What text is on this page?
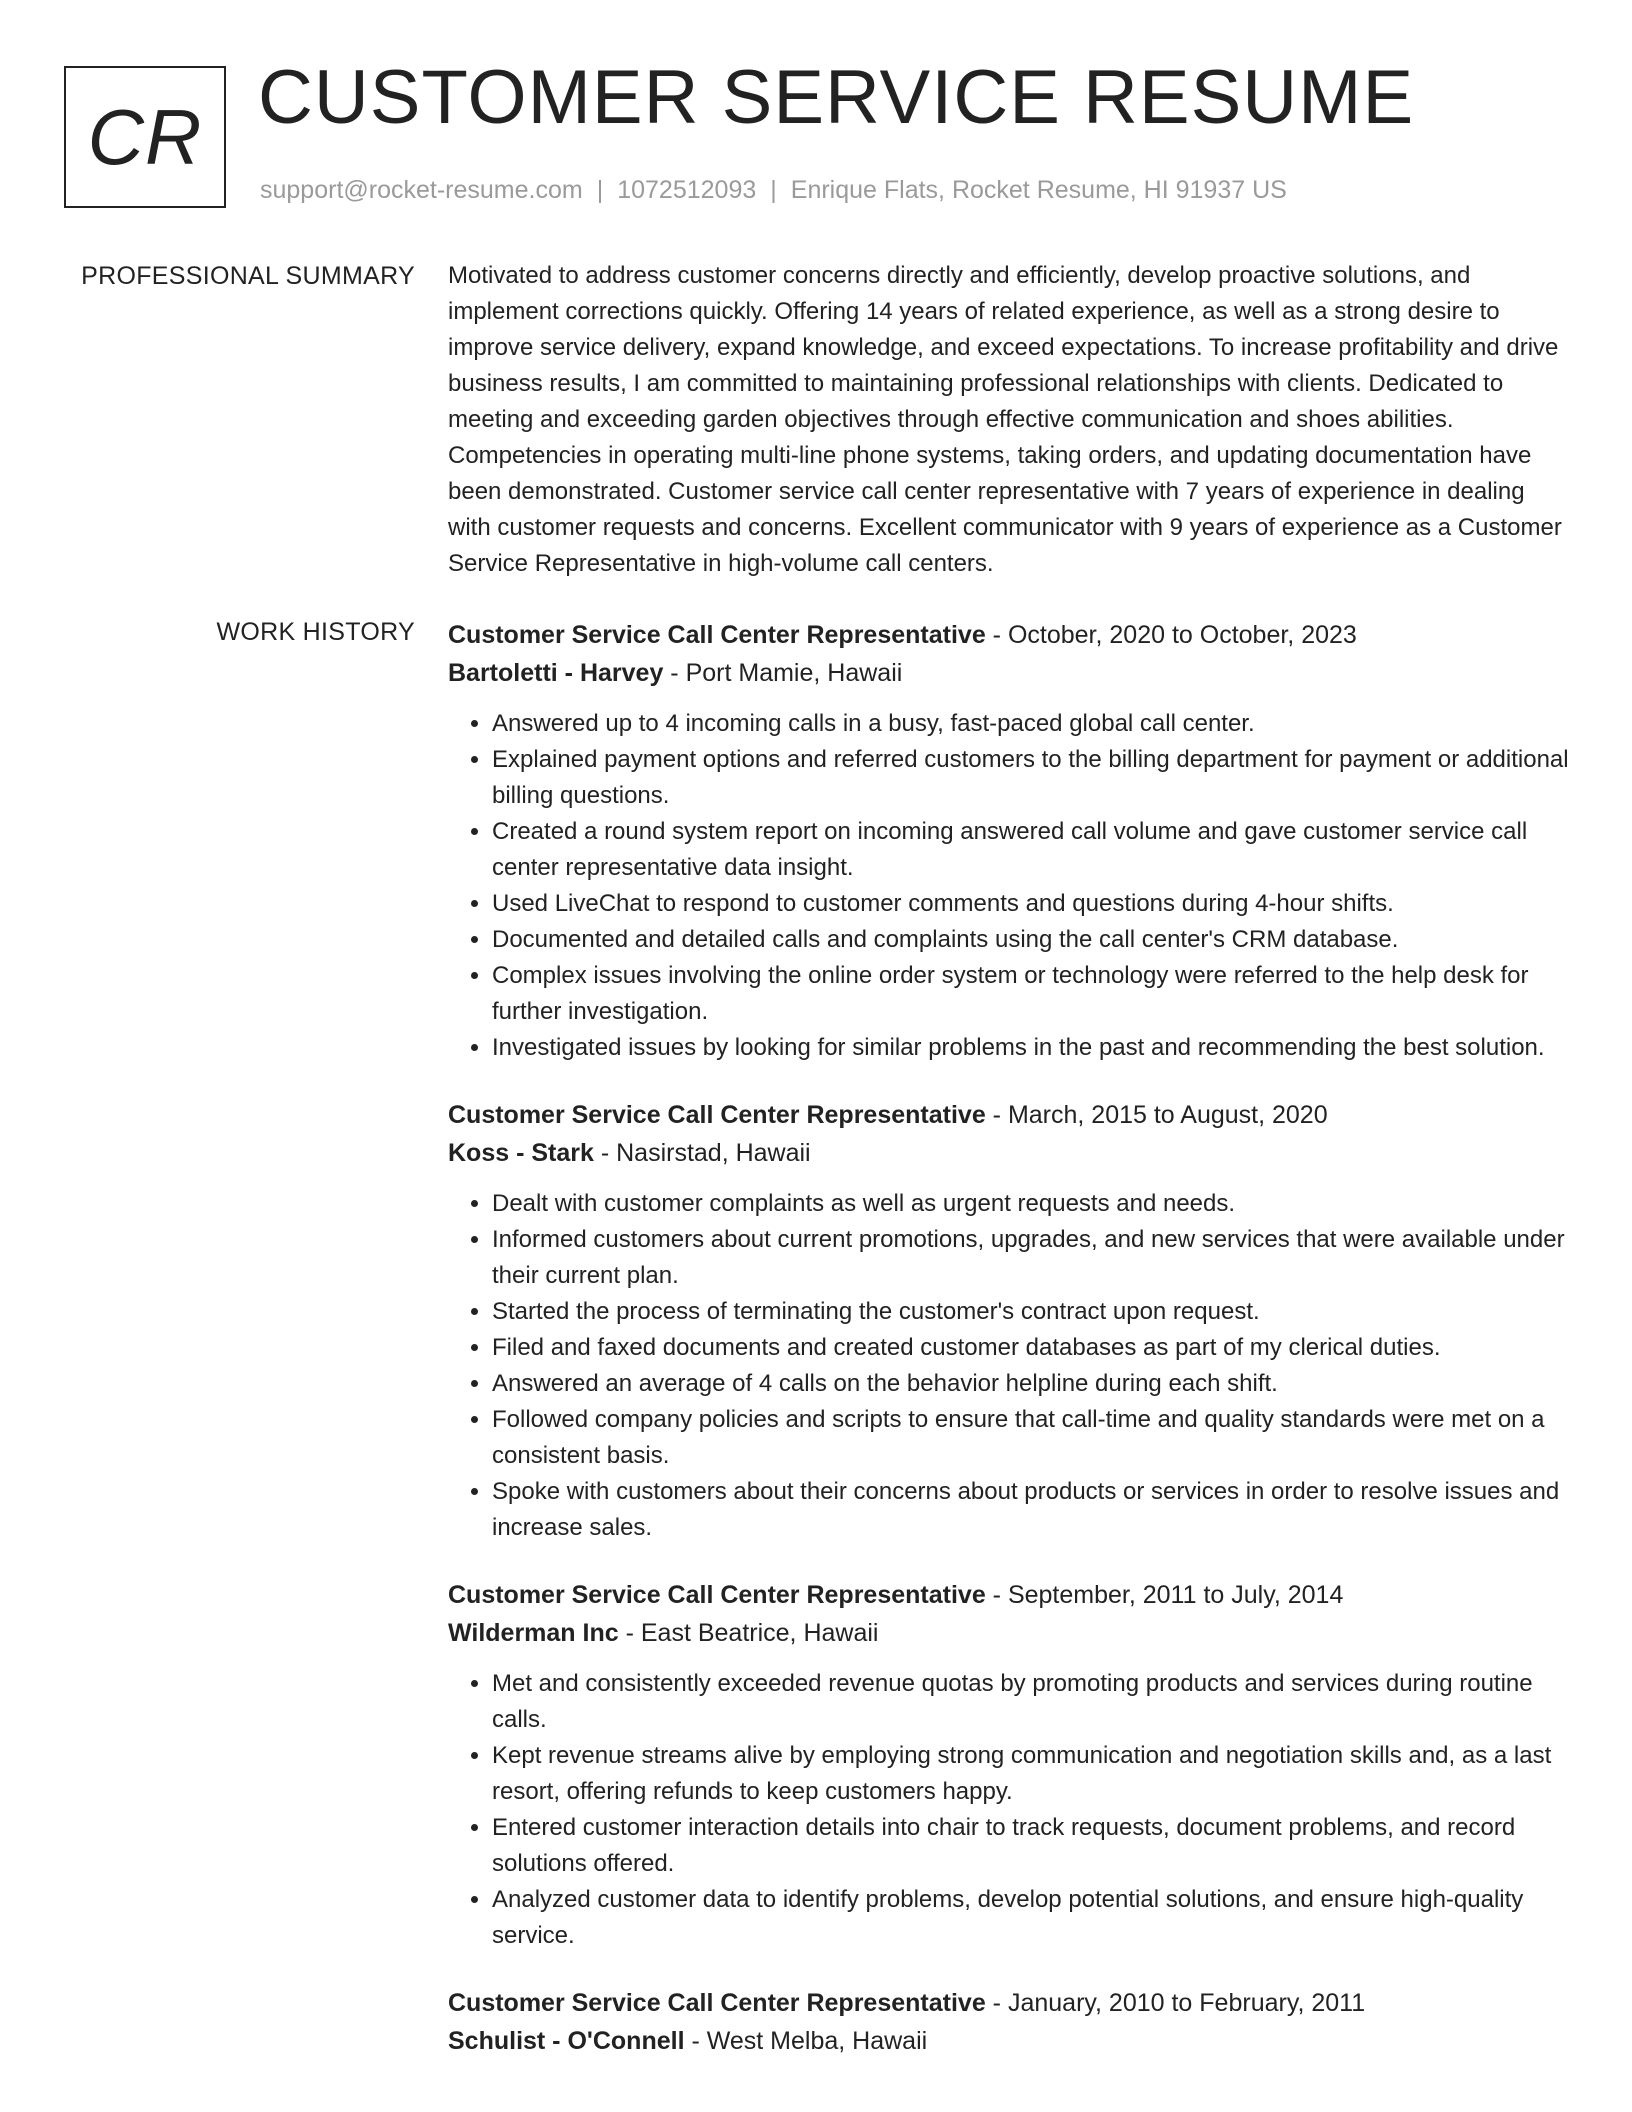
CR CUSTOMER SERVICE RESUME
support@rocket-resume.com | 1072512093 | Enrique Flats, Rocket Resume, HI 91937 US
PROFESSIONAL SUMMARY Motivated to address customer concerns directly and efficiently, develop proactive solutions, and implement corrections quickly. Offering 14 years of related experience, as well as a strong desire to improve service delivery, expand knowledge, and exceed expectations. To increase profitability and drive business results, I am committed to maintaining professional relationships with clients. Dedicated to meeting and exceeding garden objectives through effective communication and shoes abilities. Competencies in operating multi-line phone systems, taking orders, and updating documentation have been demonstrated. Customer service call center representative with 7 years of experience in dealing with customer requests and concerns. Excellent communicator with 9 years of experience as a Customer Service Representative in high-volume call centers.

WORK HISTORY Customer Service Call Center Representative - October, 2020 to October, 2023
Bartoletti - Harvey - Port Mamie, Hawaii
• Answered up to 4 incoming calls in a busy, fast-paced global call center.
• Explained payment options and referred customers to the billing department for payment or additional billing questions.
• Created a round system report on incoming answered call volume and gave customer service call center representative data insight.
• Used LiveChat to respond to customer comments and questions during 4-hour shifts.
• Documented and detailed calls and complaints using the call center's CRM database.
• Complex issues involving the online order system or technology were referred to the help desk for further investigation.
• Investigated issues by looking for similar problems in the past and recommending the best solution.
Customer Service Call Center Representative - March, 2015 to August, 2020
Koss - Stark - Nasirstad, Hawaii
• Dealt with customer complaints as well as urgent requests and needs.
• Informed customers about current promotions, upgrades, and new services that were available under their current plan.
• Started the process of terminating the customer's contract upon request.
• Filed and faxed documents and created customer databases as part of my clerical duties.
• Answered an average of 4 calls on the behavior helpline during each shift.
• Followed company policies and scripts to ensure that call-time and quality standards were met on a consistent basis.
• Spoke with customers about their concerns about products or services in order to resolve issues and increase sales.
Customer Service Call Center Representative - September, 2011 to July, 2014
Wilderman Inc - East Beatrice, Hawaii
• Met and consistently exceeded revenue quotas by promoting products and services during routine calls.
• Kept revenue streams alive by employing strong communication and negotiation skills and, as a last resort, offering refunds to keep customers happy.
• Entered customer interaction details into chair to track requests, document problems, and record solutions offered.
• Analyzed customer data to identify problems, develop potential solutions, and ensure high-quality service.
Customer Service Call Center Representative - January, 2010 to February, 2011
Schulist - O'Connell - West Melba, Hawaii
